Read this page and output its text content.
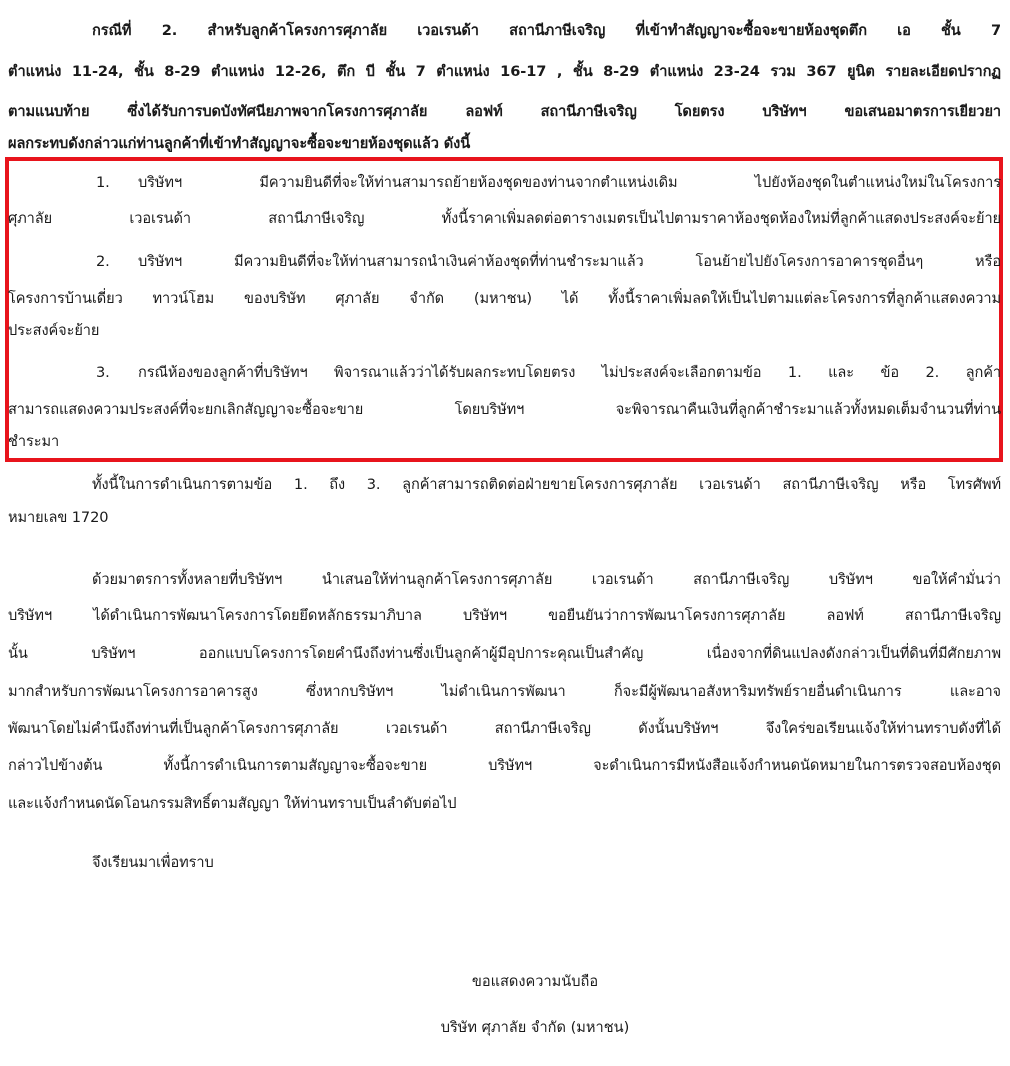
กรณีที่ 2. สำหรับลูกค้าโครงการศุภาลัย เวอเรนด้า สถานีภาษีเจริญ ที่เข้าทำสัญญาจะซื้อจะขายห้องชุดตึก เอ ชั้น 7
ตำแหน่ง 11-24, ชั้น 8-29 ตำแหน่ง 12-26, ตึก บี ชั้น 7 ตำแหน่ง 16-17 , ชั้น 8-29 ตำแหน่ง 23-24 รวม 367 ยูนิต รายละเอียดปรากฏ
ตามแนบท้าย ซึ่งได้รับการบดบังทัศนียภาพจากโครงการศุภาลัย ลอฟท์ สถานีภาษีเจริญ โดยตรง บริษัทฯ ขอเสนอมาตรการเยียวยา
ผลกระทบดังกล่าวแก่ท่านลูกค้าที่เข้าทำสัญญาจะซื้อจะขายห้องชุดแล้ว ดังนี้
1.	บริษัทฯ มีความยินดีที่จะให้ท่านสามารถย้ายห้องชุดของท่านจากตำแหน่งเดิม ไปยังห้องชุดในตำแหน่งใหม่ในโครงการ
ศุภาลัย เวอเรนด้า สถานีภาษีเจริญ ทั้งนี้ราคาเพิ่มลดต่อตารางเมตรเป็นไปตามราคาห้องชุดห้องใหม่ที่ลูกค้าแสดงประสงค์จะย้าย
2.	บริษัทฯ มีความยินดีที่จะให้ท่านสามารถนำเงินค่าห้องชุดที่ท่านชำระมาแล้ว โอนย้ายไปยังโครงการอาคารชุดอื่นๆ หรือ
โครงการบ้านเดี่ยว ทาวน์โฮม ของบริษัท ศุภาลัย จำกัด (มหาชน) ได้ ทั้งนี้ราคาเพิ่มลดให้เป็นไปตามแต่ละโครงการที่ลูกค้าแสดงความ
ประสงค์จะย้าย
3.	กรณีห้องของลูกค้าที่บริษัทฯ พิจารณาแล้วว่าได้รับผลกระทบโดยตรง ไม่ประสงค์จะเลือกตามข้อ 1. และ ข้อ 2. ลูกค้า
สามารถแสดงความประสงค์ที่จะยกเลิกสัญญาจะซื้อจะขาย โดยบริษัทฯ จะพิจารณาคืนเงินที่ลูกค้าชำระมาแล้วทั้งหมดเต็มจำนวนที่ท่าน
ชำระมา
ทั้งนี้ในการดำเนินการตามข้อ 1. ถึง 3. ลูกค้าสามารถติดต่อฝ่ายขายโครงการศุภาลัย เวอเรนด้า สถานีภาษีเจริญ หรือ โทรศัพท์
หมายเลข 1720
ด้วยมาตรการทั้งหลายที่บริษัทฯ นำเสนอให้ท่านลูกค้าโครงการศุภาลัย เวอเรนด้า สถานีภาษีเจริญ บริษัทฯ ขอให้คำมั่นว่า
บริษัทฯ ได้ดำเนินการพัฒนาโครงการโดยยึดหลักธรรมาภิบาล บริษัทฯ ขอยืนยันว่าการพัฒนาโครงการศุภาลัย ลอฟท์ สถานีภาษีเจริญ
นั้น บริษัทฯ ออกแบบโครงการโดยคำนึงถึงท่านซึ่งเป็นลูกค้าผู้มีอุปการะคุณเป็นสำคัญ เนื่องจากที่ดินแปลงดังกล่าวเป็นที่ดินที่มีศักยภาพ
มากสำหรับการพัฒนาโครงการอาคารสูง ซึ่งหากบริษัทฯ ไม่ดำเนินการพัฒนา ก็จะมีผู้พัฒนาอสังหาริมทรัพย์รายอื่นดำเนินการ และอาจ
พัฒนาโดยไม่คำนึงถึงท่านที่เป็นลูกค้าโครงการศุภาลัย เวอเรนด้า สถานีภาษีเจริญ ดังนั้นบริษัทฯ จึงใคร่ขอเรียนแจ้งให้ท่านทราบดังที่ได้
กล่าวไปข้างต้น ทั้งนี้การดำเนินการตามสัญญาจะซื้อจะขาย บริษัทฯ จะดำเนินการมีหนังสือแจ้งกำหนดนัดหมายในการตรวจสอบห้องชุด
และแจ้งกำหนดนัดโอนกรรมสิทธิ์ตามสัญญา ให้ท่านทราบเป็นลำดับต่อไป
จึงเรียนมาเพื่อทราบ
ขอแสดงความนับถือ
บริษัท ศุภาลัย จำกัด (มหาชน)
